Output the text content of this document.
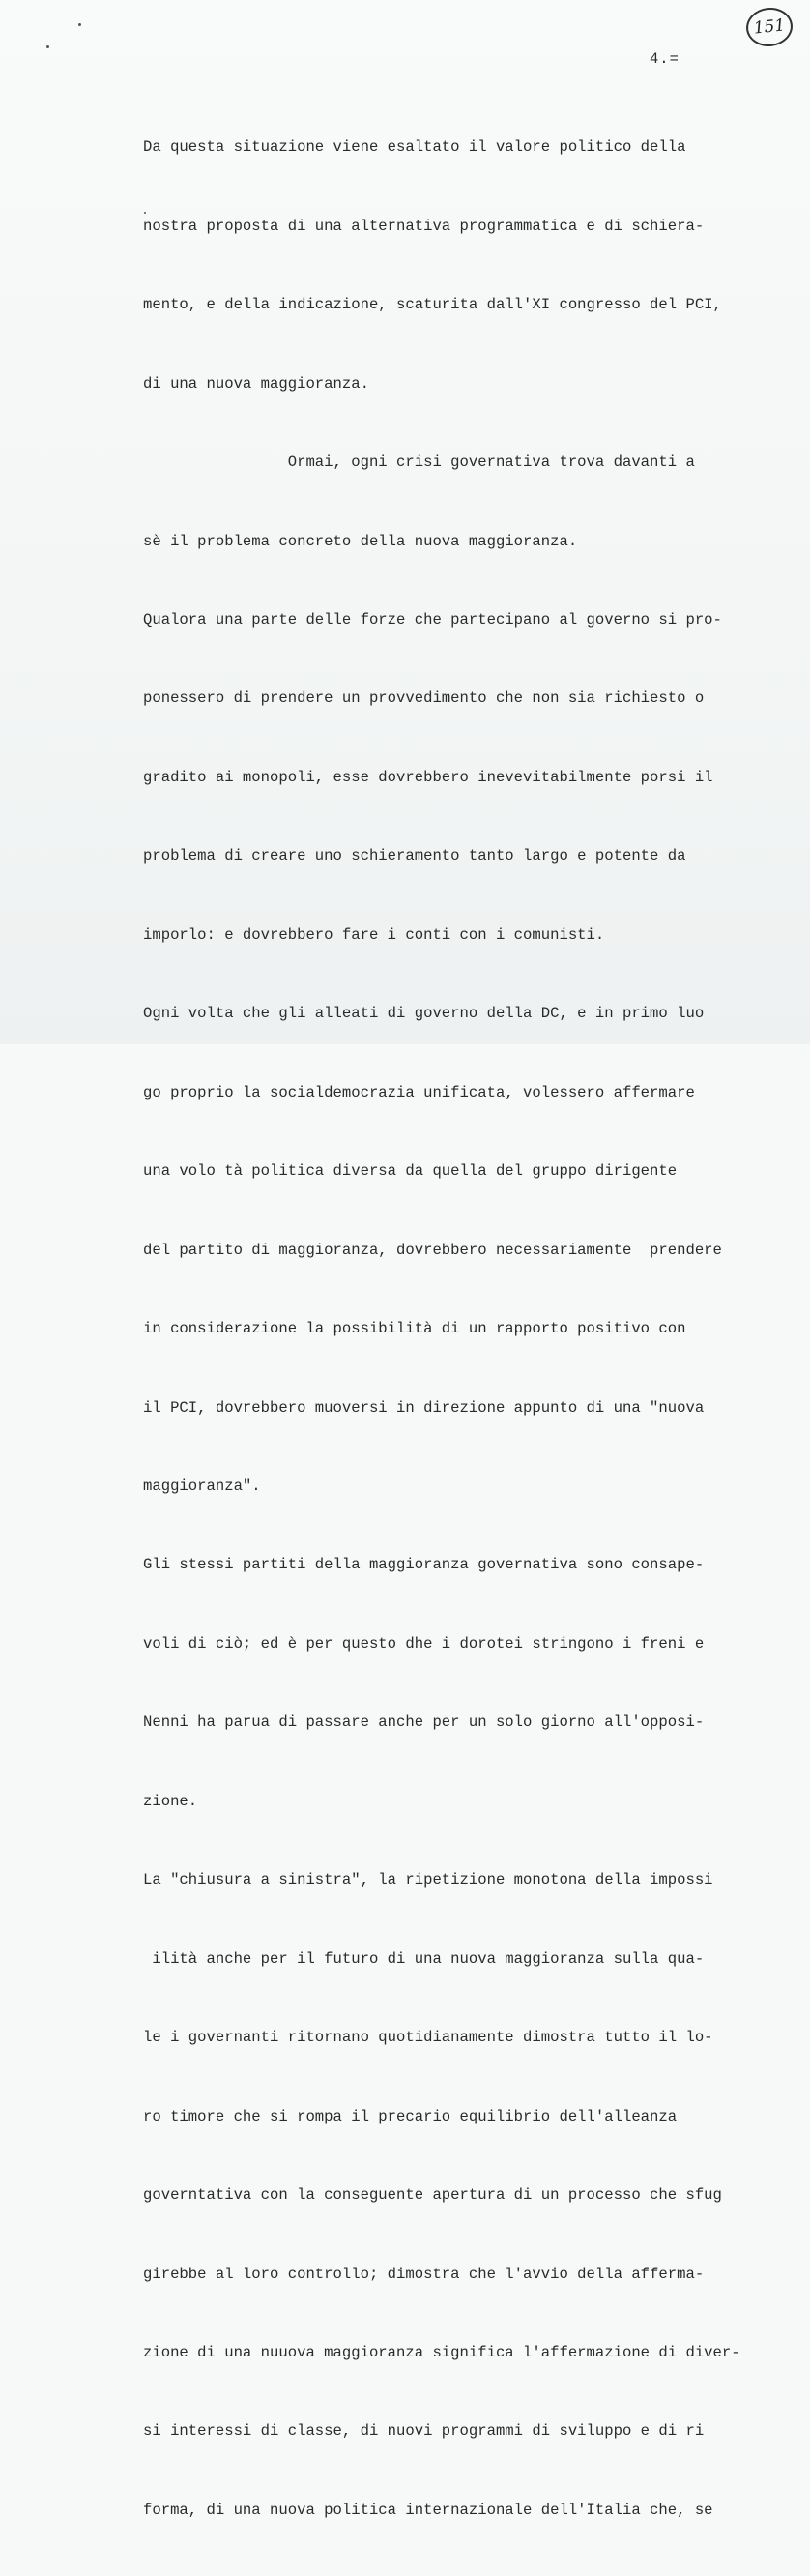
151
4.=

Da questa situazione viene esaltato il valore politico della

nostra proposta di una alternativa programmatica e di schiera-

mento, e della indicazione, scaturita dall'XI congresso del PCI,

di una nuova maggioranza.

Ormai, ogni crisi governativa trova davanti a

sè il problema concreto della nuova maggioranza.

Qualora una parte delle forze che partecipano al governo si pro-

ponessero di prendere un provvedimento che non sia richiesto o

gradito ai monopoli, esse dovrebbero inevevitabilmente porsi il

problema di creare uno schieramento tanto largo e potente da

imporlo: e dovrebbero fare i conti con i comunisti.

Ogni volta che gli alleati di governo della DC, e in primo luo

go proprio la socialdemocrazia unificata, volessero affermare

una volo tà politica diversa da quella del gruppo dirigente

del partito di maggioranza, dovrebbero necessariamente  prendere

in considerazione la possibilità di un rapporto positivo con

il PCI, dovrebbero muoversi in direzione appunto di una "nuova

maggioranza".

Gli stessi partiti della maggioranza governativa sono consape-

voli di ciò; ed è per questo dhe i dorotei stringono i freni e

Nenni ha parua di passare anche per un solo giorno all'opposi-

zione.

La "chiusura a sinistra", la ripetizione monotona della impossi

ilità anche per il futuro di una nuova maggioranza sulla qua-

le i governanti ritornano quotidianamente dimostra tutto il lo-

ro timore che si rompa il precario equilibrio dell'alleanza

governtativa con la conseguente apertura di un processo che sfug

girebbe al loro controllo; dimostra che l'avvio della afferma-

zione di una nuuova maggioranza significa l'affermazione di diver-

si interessi di classe, di nuovi programmi di sviluppo e di ri

forma, di una nuova politica internazionale dell'Italia che, se
